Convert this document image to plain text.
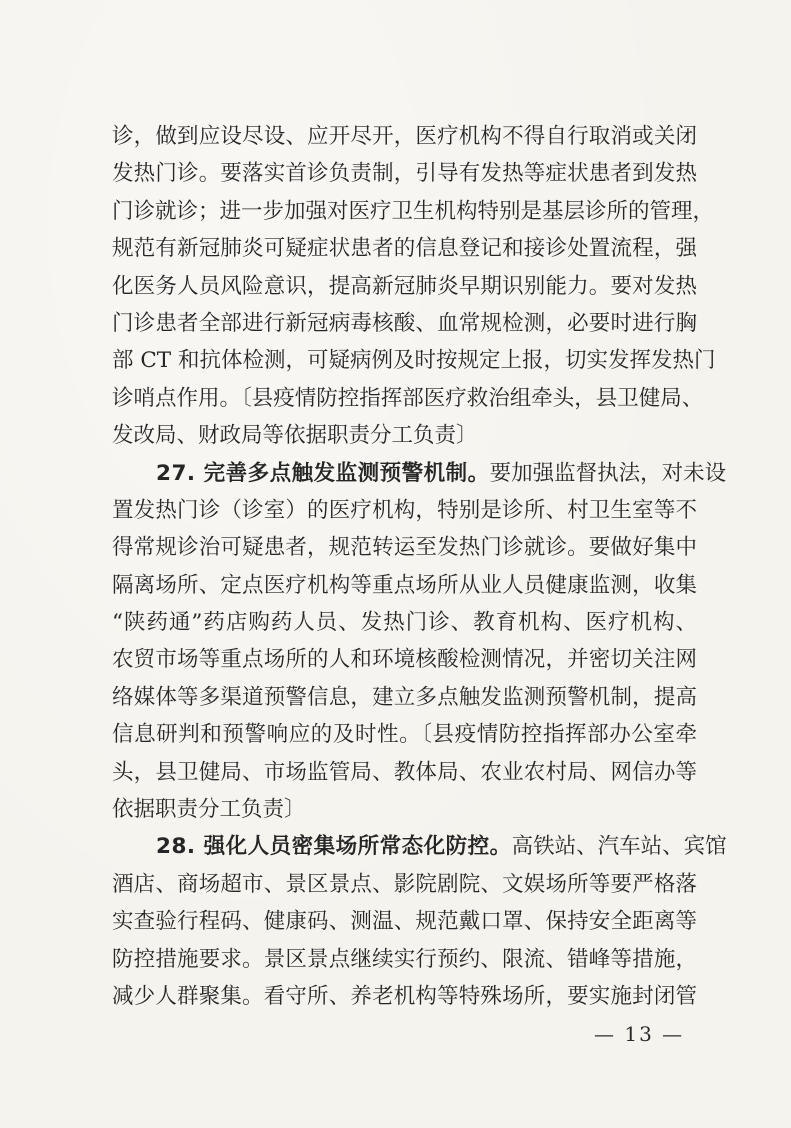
诊，做到应设尽设、应开尽开，医疗机构不得自行取消或关闭
发热门诊。要落实首诊负责制，引导有发热等症状患者到发热
门诊就诊；进一步加强对医疗卫生机构特别是基层诊所的管理，
规范有新冠肺炎可疑症状患者的信息登记和接诊处置流程，强
化医务人员风险意识，提高新冠肺炎早期识别能力。要对发热
门诊患者全部进行新冠病毒核酸、血常规检测，必要时进行胸
部 CT 和抗体检测，可疑病例及时按规定上报，切实发挥发热门
诊哨点作用。〔县疫情防控指挥部医疗救治组牵头，县卫健局、
发改局、财政局等依据职责分工负责〕
27. 完善多点触发监测预警机制。要加强监督执法，对未设
置发热门诊（诊室）的医疗机构，特别是诊所、村卫生室等不
得常规诊治可疑患者，规范转运至发热门诊就诊。要做好集中
隔离场所、定点医疗机构等重点场所从业人员健康监测，收集
“陕药通”药店购药人员、发热门诊、教育机构、医疗机构、
农贸市场等重点场所的人和环境核酸检测情况，并密切关注网
络媒体等多渠道预警信息，建立多点触发监测预警机制，提高
信息研判和预警响应的及时性。〔县疫情防控指挥部办公室牵
头，县卫健局、市场监管局、教体局、农业农村局、网信办等
依据职责分工负责〕
28. 强化人员密集场所常态化防控。高铁站、汽车站、宾馆
酒店、商场超市、景区景点、影院剧院、文娱场所等要严格落
实查验行程码、健康码、测温、规范戴口罩、保持安全距离等
防控措施要求。景区景点继续实行预约、限流、错峰等措施，
减少人群聚集。看守所、养老机构等特殊场所，要实施封闭管
— 13 —
